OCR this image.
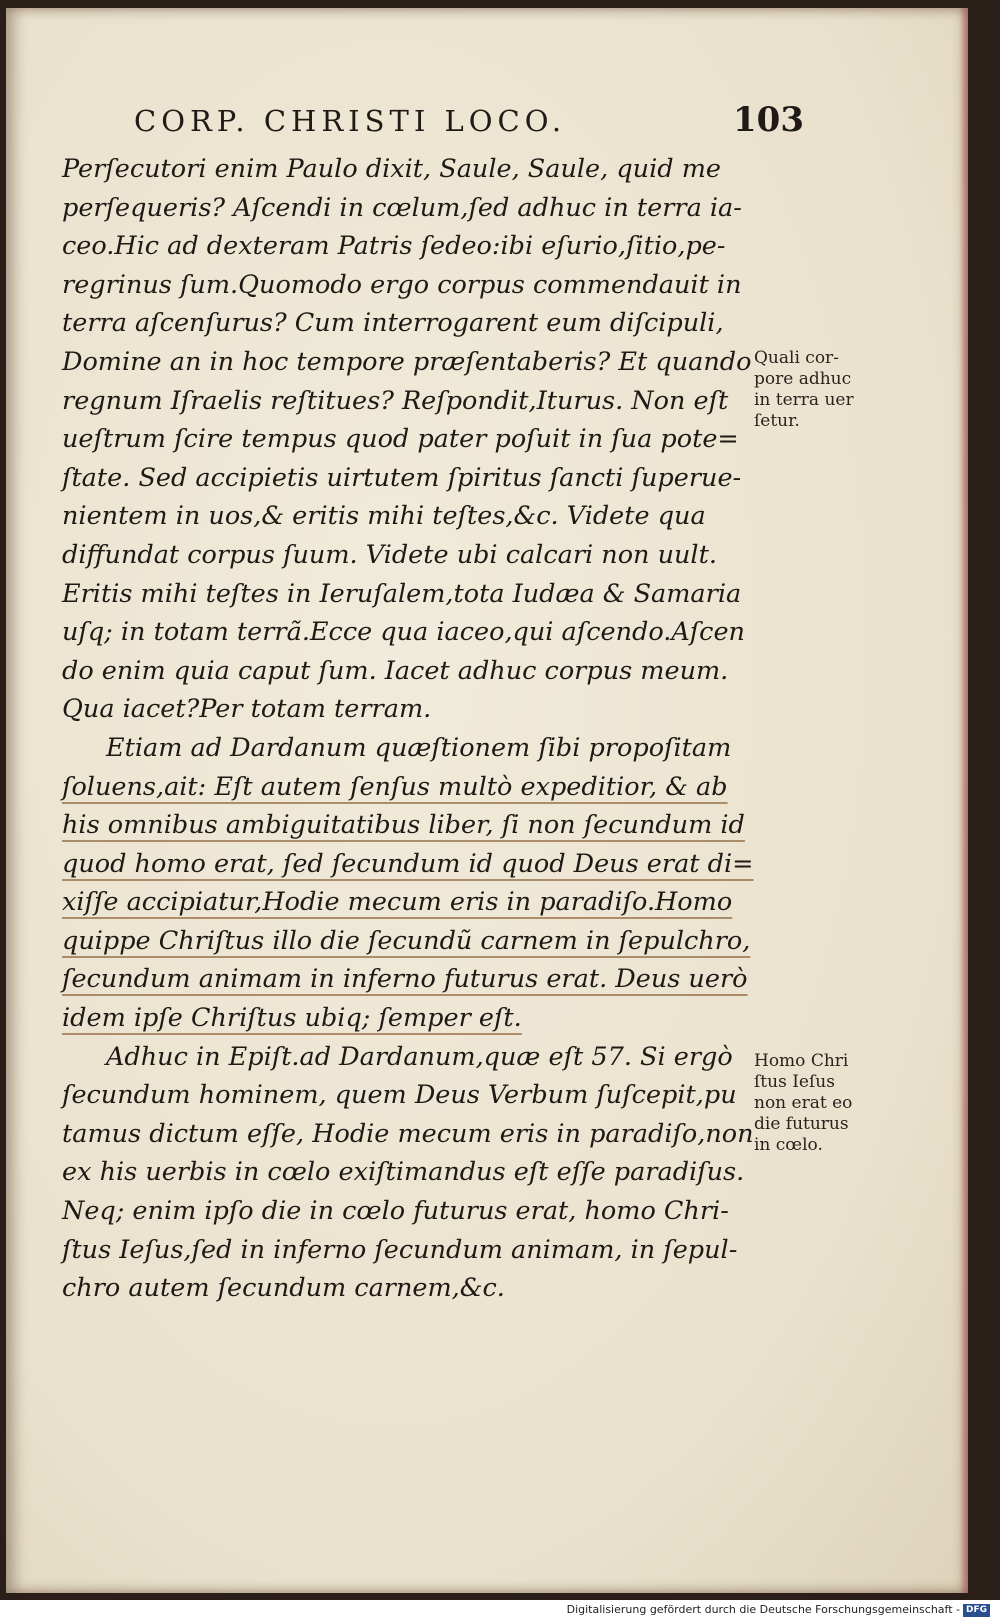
CORP. CHRISTI LOCO.	103
Perſecutori enim Paulo dixit, Saule, Saule, quid me
perſequeris? Aſcendi in cœlum,ſed adhuc in terra ia-
ceo.Hic ad dexteram Patris ſedeo:ibi eſurio,ſitio,pe-
regrinus ſum.Quomodo ergo corpus commendauit in
terra aſcenſurus? Cum interrogarent eum diſcipuli,
Domine an in hoc tempore præſentaberis? Et quando
regnum Iſraelis reſtitues? Reſpondit,Iturus. Non eſt
ueſtrum ſcire tempus quod pater poſuit in ſua pote=
ſtate. Sed accipietis uirtutem ſpiritus ſancti ſuperue-
nientem in uos,& eritis mihi teſtes,&c. Videte qua
diffundat corpus ſuum. Videte ubi calcari non uult.
Eritis mihi teſtes in Ieruſalem,tota Iudæa & Samaria
uſq; in totam terrã.Ecce qua iaceo,qui aſcendo.Aſcen
do enim quia caput ſum. Iacet adhuc corpus meum.
Qua iacet?Per totam terram.
Etiam ad Dardanum quæſtionem ſibi propoſitam
ſoluens,ait: Eſt autem ſenſus multò expeditior, & ab
his omnibus ambiguitatibus liber, ſi non ſecundum id
quod homo erat, ſed ſecundum id quod Deus erat di=
xiſſe accipiatur,Hodie mecum eris in paradiſo.Homo
quippe Chriſtus illo die ſecundũ carnem in ſepulchro,
ſecundum animam in inferno futurus erat. Deus uerò
idem ipſe Chriſtus ubiq; ſemper eſt.
Adhuc in Epiſt.ad Dardanum,quæ eſt 57. Si ergò
ſecundum hominem, quem Deus Verbum ſuſcepit,pu
tamus dictum eſſe, Hodie mecum eris in paradiſo,non
ex his uerbis in cœlo exiſtimandus eſt eſſe paradiſus.
Neq; enim ipſo die in cœlo futurus erat, homo Chri-
ſtus Ieſus,ſed in inferno ſecundum animam, in ſepul-
chro autem ſecundum carnem,&c.
Quali cor-
pore adhuc
in terra uer
ſetur.
Homo Chri
ſtus Ieſus
non erat eo
die futurus
in cœlo.
Digitalisierung gefördert durch die Deutsche Forschungsgemeinschaft - DFG
